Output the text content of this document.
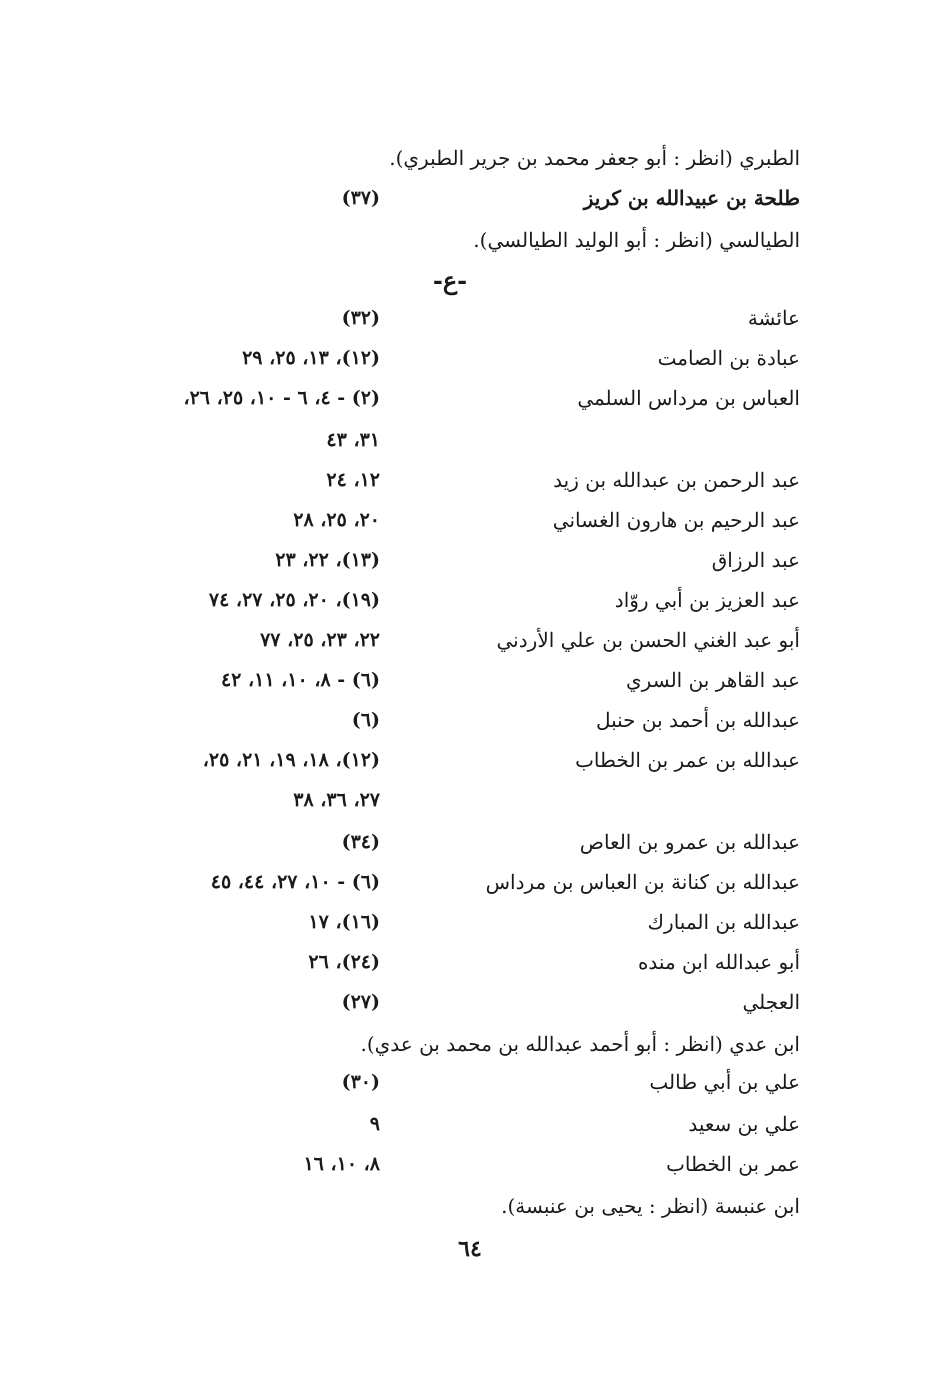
الطبري (انظر : أبو جعفر محمد بن جرير الطبري).
طلحة بن عبيدالله بن كريز
(٣٧)
الطيالسي (انظر : أبو الوليد الطيالسي).
-ع-
عائشة
(٣٢)
عبادة بن الصامت
(١٢)، ١٣، ٢٥، ٢٩
العباس بن مرداس السلمي
(٢) - ٤، ٦ - ١٠، ٢٥، ٢٦،
٣١، ٤٣
عبد الرحمن بن عبدالله بن زيد
١٢، ٢٤
عبد الرحيم بن هارون الغساني
٢٠، ٢٥، ٢٨
عبد الرزاق
(١٣)، ٢٢، ٢٣
عبد العزيز بن أبي روّاد
(١٩)، ٢٠، ٢٥، ٢٧، ٧٤
أبو عبد الغني الحسن بن علي الأردني
٢٢، ٢٣، ٢٥، ٧٧
عبد القاهر بن السري
(٦) - ٨، ١٠، ١١، ٤٢
عبدالله بن أحمد بن حنبل
(٦)
عبدالله بن عمر بن الخطاب
(١٢)، ١٨، ١٩، ٢١، ٢٥،
٢٧، ٣٦، ٣٨
عبدالله بن عمرو بن العاص
(٣٤)
عبدالله بن كنانة بن العباس بن مرداس
(٦) - ١٠، ٢٧، ٤٤، ٤٥
عبدالله بن المبارك
(١٦)، ١٧
أبو عبدالله ابن منده
(٢٤)، ٢٦
العجلي
(٢٧)
ابن عدي (انظر : أبو أحمد عبدالله بن محمد بن عدي).
علي بن أبي طالب
(٣٠)
علي بن سعيد
٩
عمر بن الخطاب
٨، ١٠، ١٦
ابن عنبسة (انظر : يحيى بن عنبسة).
٦٤
